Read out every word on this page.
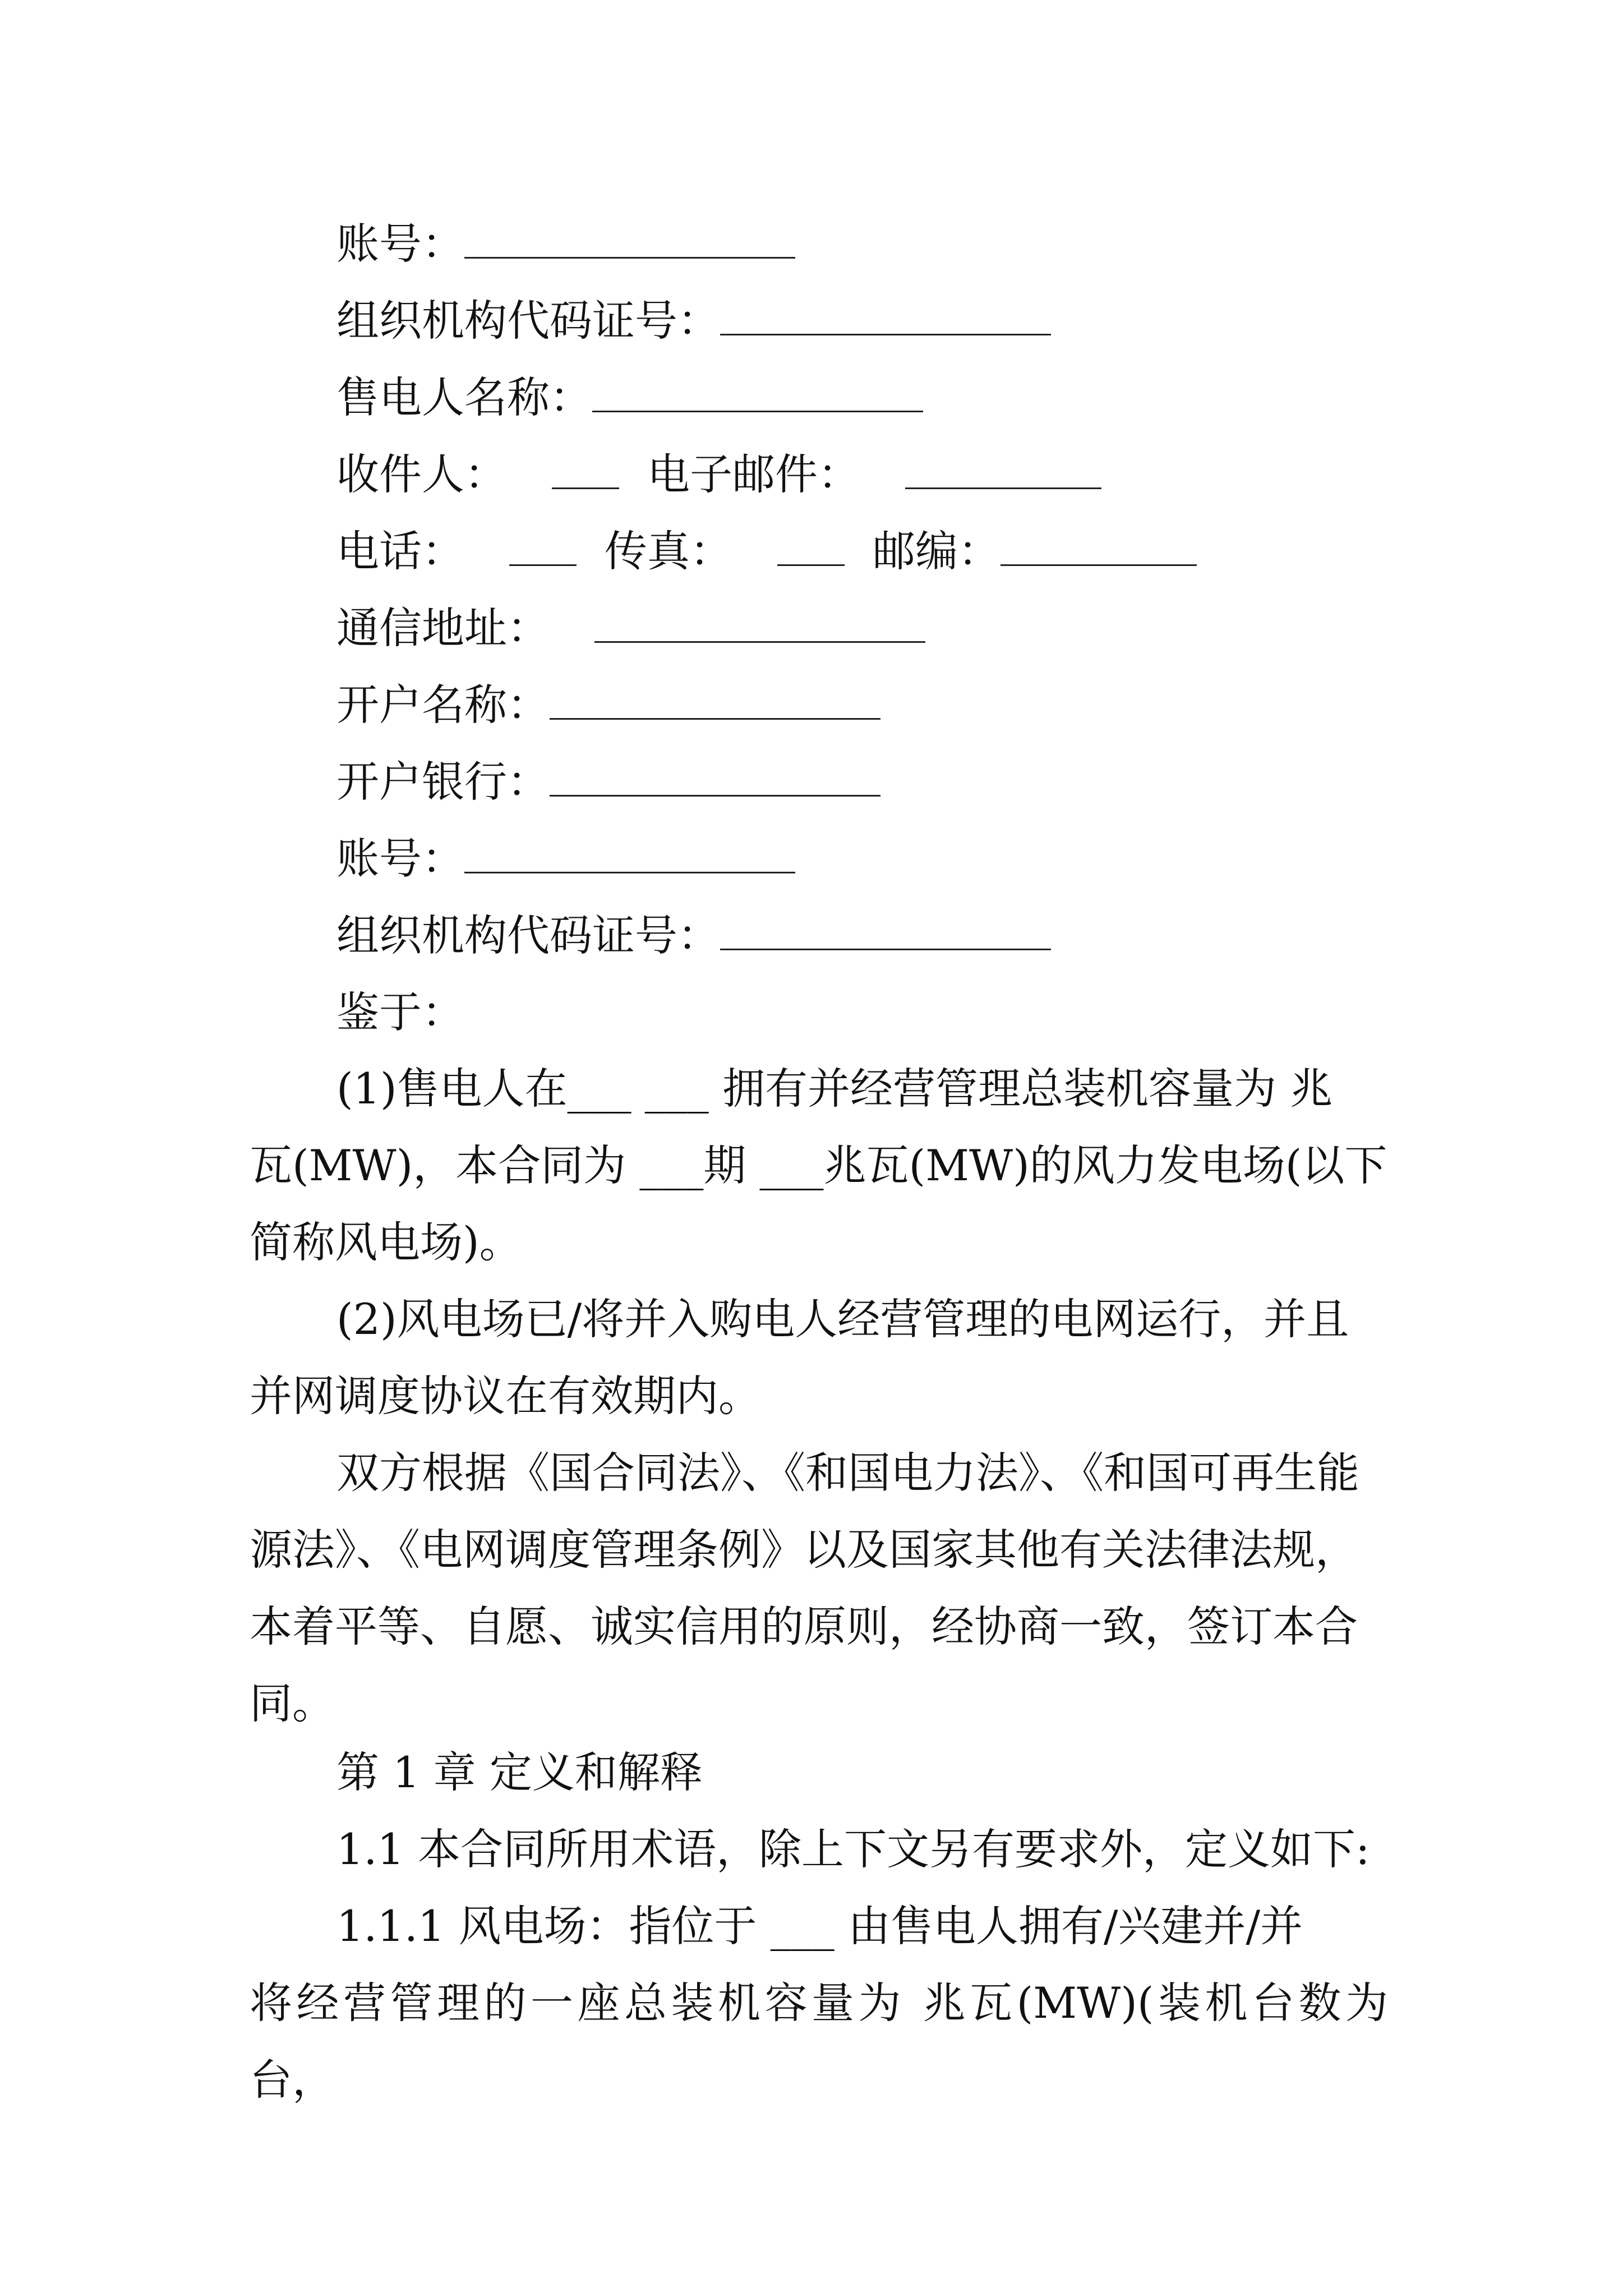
账号：
组织机构代码证号：
售电人名称：
收件人：	电子邮件：
电话：	传真：	邮编：
通信地址：
开户名称：
开户银行：
账号：
组织机构代码证号：
鉴于：
(1)售电人在___ ___ 拥有并经营管理总装机容量为 兆
瓦(MW)，本合同为 ___期 ___兆瓦(MW)的风力发电场(以下
简称风电场)。
(2)风电场已/将并入购电人经营管理的电网运行，并且
并网调度协议在有效期内。
双方根据《国合同法》、《和国电力法》、《和国可再生能
源法》、《电网调度管理条例》以及国家其他有关法律法规，
本着平等、自愿、诚实信用的原则，经协商一致，签订本合
同。
第 1 章 定义和解释
1.1 本合同所用术语，除上下文另有要求外，定义如下:
1.1.1 风电场：指位于 ___ 由售电人拥有/兴建并/并
将经营管理的一座总装机容量为 兆瓦(MW)(装机台数为 台，
